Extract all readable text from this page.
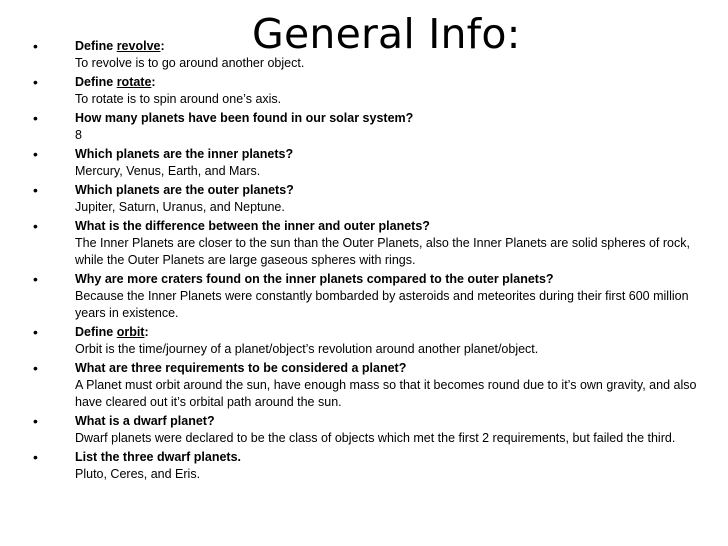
General Info:
•	Define revolve:
To revolve is to go around another object.
•	Define rotate:
To rotate is to spin around one’s axis.
•	How many planets have been found in our solar system?
8
•	Which planets are the inner planets?
Mercury, Venus, Earth, and Mars.
•	Which planets are the outer planets?
Jupiter, Saturn, Uranus, and Neptune.
•	What is the difference between the inner and outer planets?
The Inner Planets are closer to the sun than the Outer Planets, also the Inner Planets are solid spheres of rock, while the Outer Planets are large gaseous spheres with rings.
•	Why are more craters found on the inner planets compared to the outer planets?
Because the Inner Planets were constantly bombarded by asteroids and meteorites during their first 600 million years in existence.
•	Define orbit:
Orbit is the time/journey of a planet/object’s revolution around another planet/object.
•	What are three requirements to be considered a planet?
A Planet must orbit around the sun, have enough mass so that it becomes round due to it’s own gravity, and also have cleared out it’s orbital path around the sun.
•	What is a dwarf planet?
Dwarf planets were declared to be the class of objects which met the first 2 requirements, but failed the third.
•	List the three dwarf planets.
Pluto, Ceres, and Eris.
